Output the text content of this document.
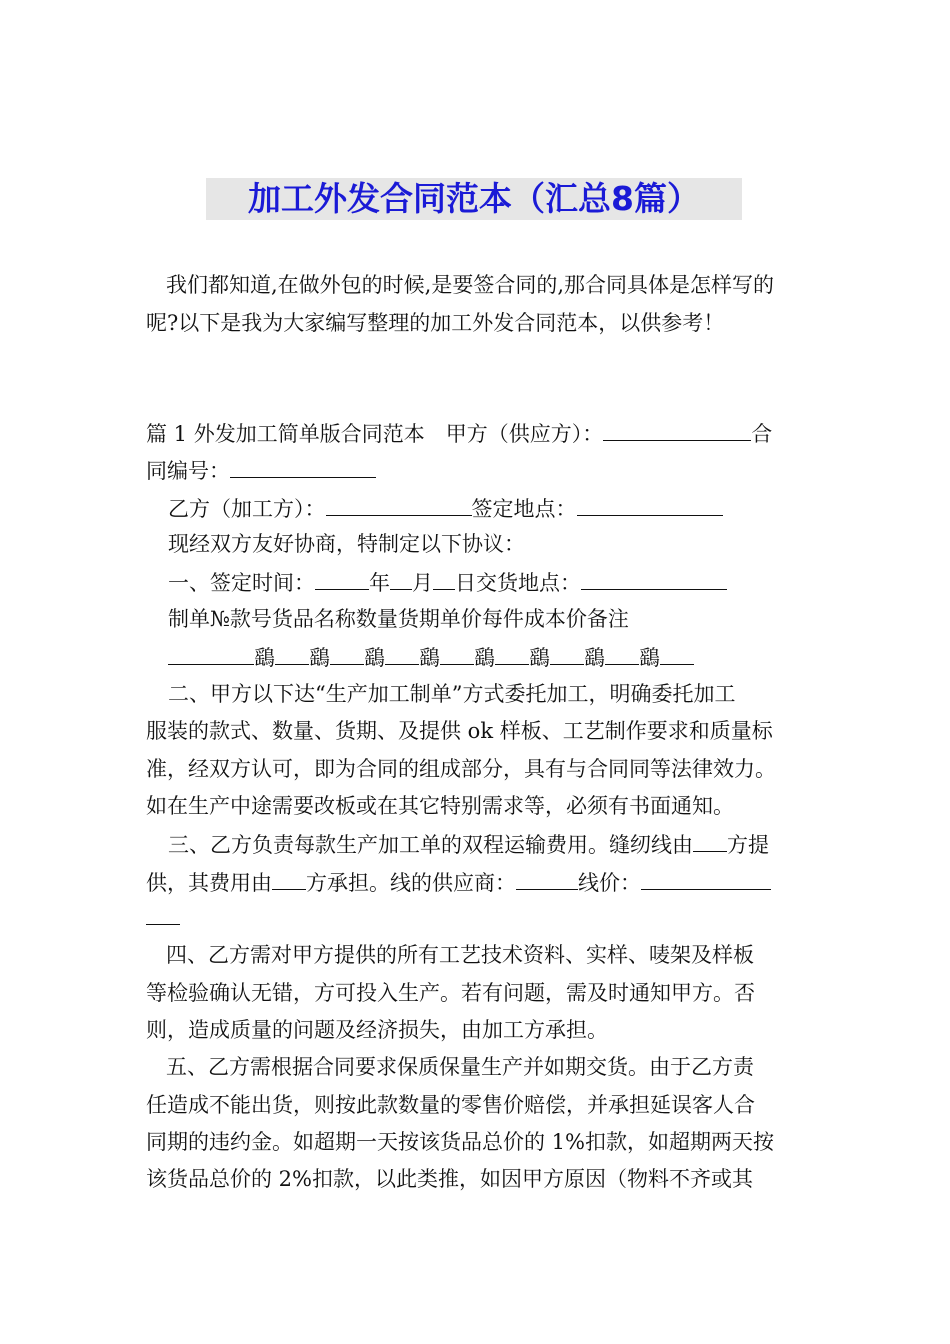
加工外发合同范本（汇总8篇）
我们都知道,在做外包的时候,是要签合同的,那合同具体是怎样写的
呢?以下是我为大家编写整理的加工外发合同范本，以供参考！
篇 1 外发加工简单版合同范本　甲方（供应方）：	合
同编号：
乙方（加工方）：	签定地点：
现经双方友好协商，特制定以下协议：
一、签定时间：	年 月 日交货地点：
制单№款号货品名称数量货期单价每件成本价备注
鷂 鷂 鷂 鷂 鷂 鷂 鷂 鷂
二、甲方以下达“生产加工制单”方式委托加工，明确委托加工
服装的款式、数量、货期、及提供 ok 样板、工艺制作要求和质量标
准，经双方认可，即为合同的组成部分，具有与合同同等法律效力。
如在生产中途需要改板或在其它特别需求等，必须有书面通知。
三、乙方负责每款生产加工单的双程运输费用。缝纫线由 方提
供，其费用由 方承担。线的供应商：	线价：
四、乙方需对甲方提供的所有工艺技术资料、实样、唛架及样板
等检验确认无错，方可投入生产。若有问题，需及时通知甲方。否
则，造成质量的问题及经济损失，由加工方承担。
五、乙方需根据合同要求保质保量生产并如期交货。由于乙方责
任造成不能出货，则按此款数量的零售价赔偿，并承担延误客人合
同期的违约金。如超期一天按该货品总价的 1%扣款，如超期两天按
该货品总价的 2%扣款，以此类推，如因甲方原因（物料不齐或其
